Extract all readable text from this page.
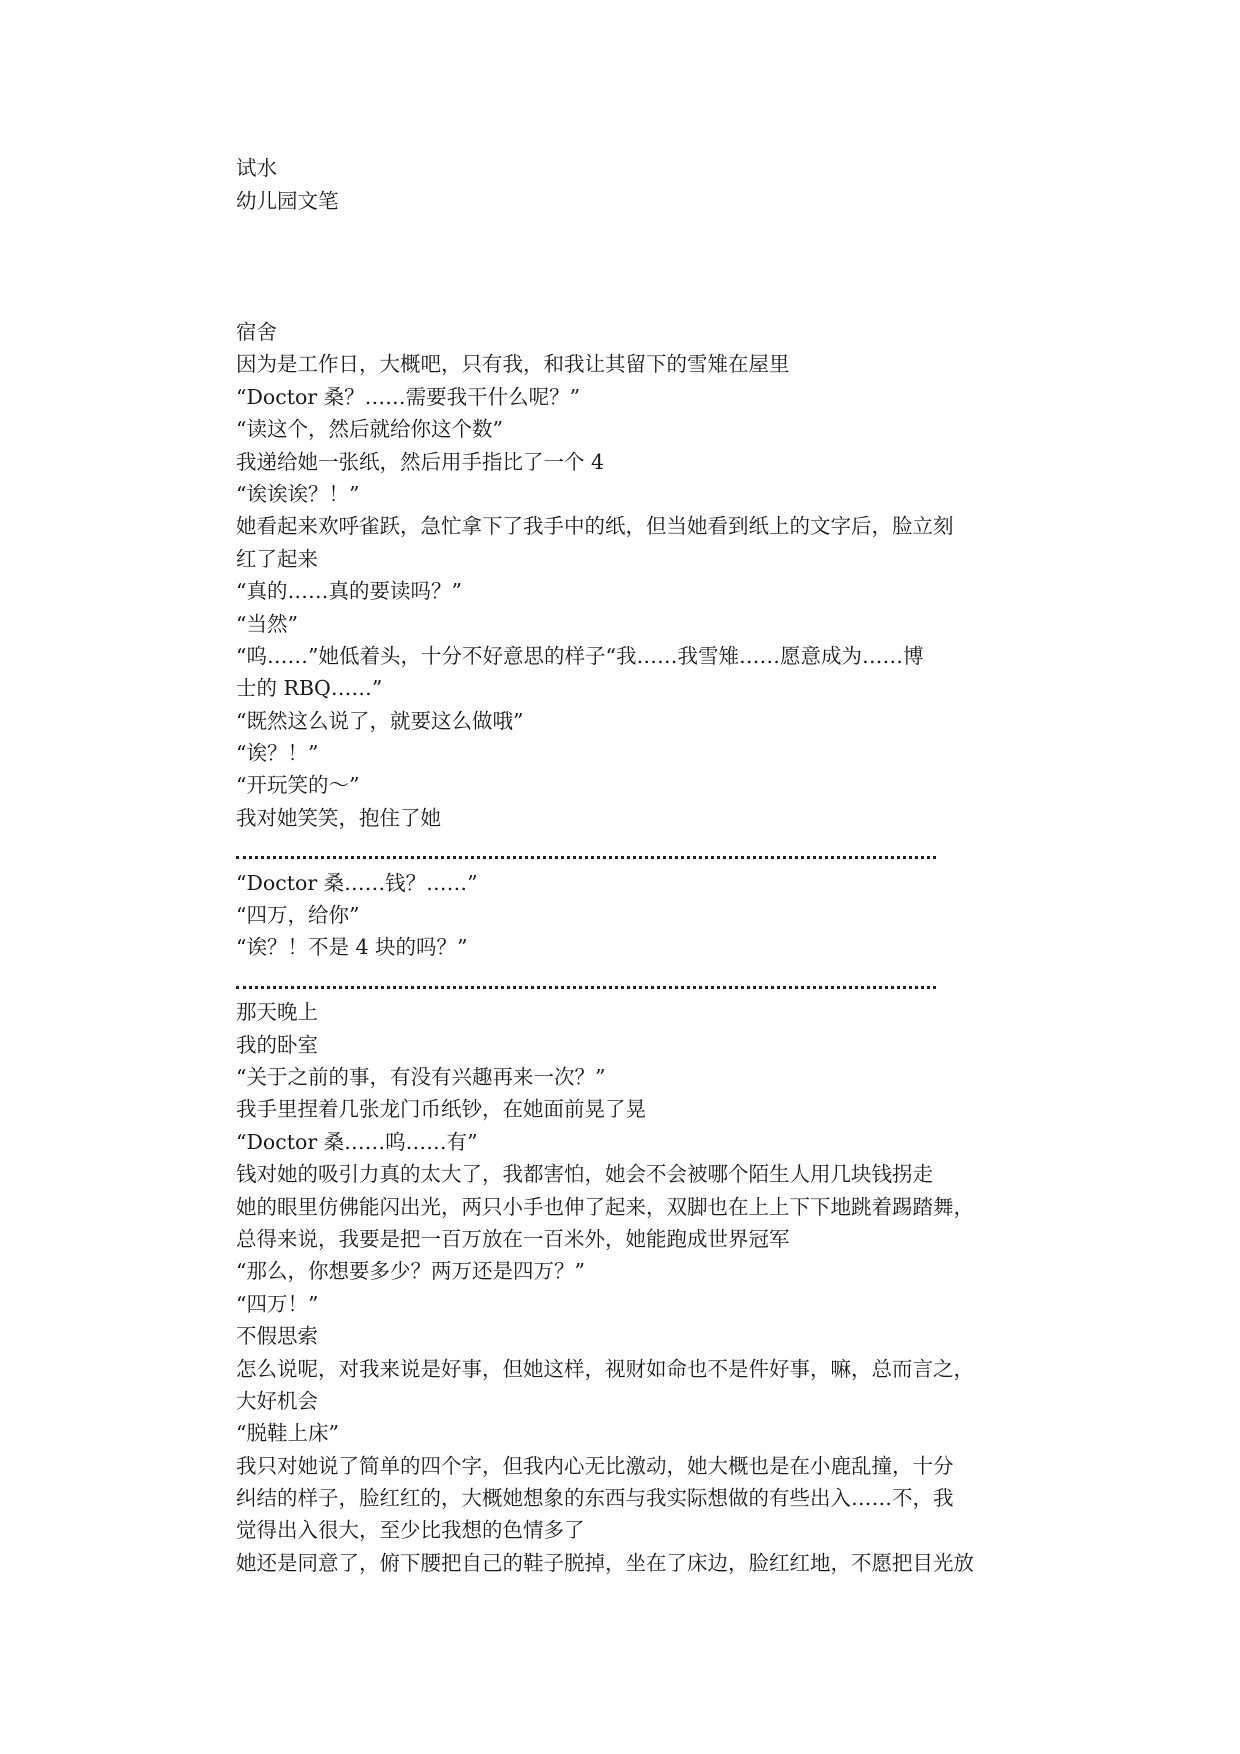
试水
幼儿园文笔
宿舍
因为是工作日，大概吧，只有我，和我让其留下的雪雉在屋里
“Doctor 桑？……需要我干什么呢？”
“读这个，然后就给你这个数”
我递给她一张纸，然后用手指比了一个 4
“诶诶诶？！”
她看起来欢呼雀跃，急忙拿下了我手中的纸，但当她看到纸上的文字后，脸立刻
红了起来
“真的……真的要读吗？”
“当然”
“呜……”她低着头，十分不好意思的样子“我……我雪雉……愿意成为……博
士的 RBQ……”
“既然这么说了，就要这么做哦”
“诶？！”
“开玩笑的～”
我对她笑笑，抱住了她
“Doctor 桑……钱？……”
“四万，给你”
“诶？！不是 4 块的吗？”
那天晚上
我的卧室
“关于之前的事，有没有兴趣再来一次？”
我手里捏着几张龙门币纸钞，在她面前晃了晃
“Doctor 桑……呜……有”
钱对她的吸引力真的太大了，我都害怕，她会不会被哪个陌生人用几块钱拐走
她的眼里仿佛能闪出光，两只小手也伸了起来，双脚也在上上下下地跳着踢踏舞，
总得来说，我要是把一百万放在一百米外，她能跑成世界冠军
“那么，你想要多少？两万还是四万？”
“四万！”
不假思索
怎么说呢，对我来说是好事，但她这样，视财如命也不是件好事，嘛，总而言之，
大好机会
“脱鞋上床”
我只对她说了简单的四个字，但我内心无比激动，她大概也是在小鹿乱撞，十分
纠结的样子，脸红红的，大概她想象的东西与我实际想做的有些出入……不，我
觉得出入很大，至少比我想的色情多了
她还是同意了，俯下腰把自己的鞋子脱掉，坐在了床边，脸红红地，不愿把目光放
